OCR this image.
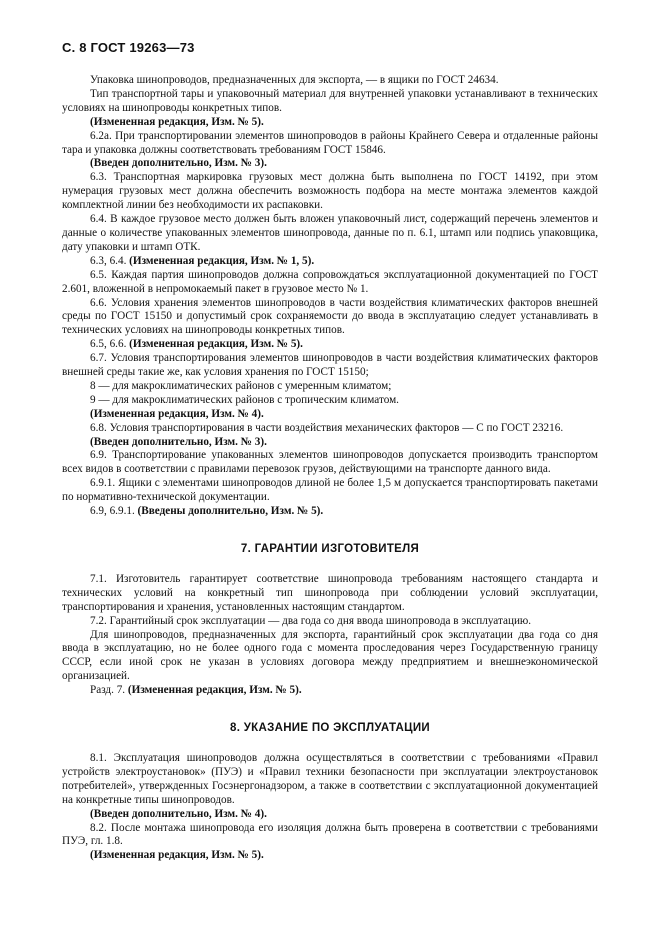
С. 8 ГОСТ 19263—73

Упаковка шинопроводов, предназначенных для экспорта, — в ящики по ГОСТ 24634.

Тип транспортной тары и упаковочный материал для внутренней упаковки устанавливают в технических условиях на шинопроводы конкретных типов.

(Измененная редакция, Изм. № 5).

6.2а. При транспортировании элементов шинопроводов в районы Крайнего Севера и отдаленные районы тара и упаковка должны соответствовать требованиям ГОСТ 15846.

(Введен дополнительно, Изм. № 3).

6.3. Транспортная маркировка грузовых мест должна быть выполнена по ГОСТ 14192, при этом нумерация грузовых мест должна обеспечить возможность подбора на месте монтажа элементов каждой комплектной линии без необходимости их распаковки.

6.4. В каждое грузовое место должен быть вложен упаковочный лист, содержащий перечень элементов и данные о количестве упакованных элементов шинопровода, данные по п. 6.1, штамп или подпись упаковщика, дату упаковки и штамп ОТК.

6.3, 6.4. (Измененная редакция, Изм. № 1, 5).

6.5. Каждая партия шинопроводов должна сопровождаться эксплуатационной документацией по ГОСТ 2.601, вложенной в непромокаемый пакет в грузовое место № 1.

6.6. Условия хранения элементов шинопроводов в части воздействия климатических факторов внешней среды по ГОСТ 15150 и допустимый срок сохраняемости до ввода в эксплуатацию следует устанавливать в технических условиях на шинопроводы конкретных типов.

6.5, 6.6. (Измененная редакция, Изм. № 5).

6.7. Условия транспортирования элементов шинопроводов в части воздействия климатических факторов внешней среды такие же, как условия хранения по ГОСТ 15150;

8 — для макроклиматических районов с умеренным климатом;

9 — для макроклиматических районов с тропическим климатом.

(Измененная редакция, Изм. № 4).

6.8. Условия транспортирования в части воздействия механических факторов — С по ГОСТ 23216.

(Введен дополнительно, Изм. № 3).

6.9. Транспортирование упакованных элементов шинопроводов допускается производить транспортом всех видов в соответствии с правилами перевозок грузов, действующими на транспорте данного вида.

6.9.1. Ящики с элементами шинопроводов длиной не более 1,5 м допускается транспортировать пакетами по нормативно-технической документации.

6.9, 6.9.1. (Введены дополнительно, Изм. № 5).

7. ГАРАНТИИ ИЗГОТОВИТЕЛЯ

7.1. Изготовитель гарантирует соответствие шинопровода требованиям настоящего стандарта и технических условий на конкретный тип шинопровода при соблюдении условий эксплуатации, транспортирования и хранения, установленных настоящим стандартом.

7.2. Гарантийный срок эксплуатации — два года со дня ввода шинопровода в эксплуатацию.

Для шинопроводов, предназначенных для экспорта, гарантийный срок эксплуатации два года со дня ввода в эксплуатацию, но не более одного года с момента проследования через Государственную границу СССР, если иной срок не указан в условиях договора между предприятием и внешнеэкономической организацией.

Разд. 7. (Измененная редакция, Изм. № 5).

8. УКАЗАНИЕ ПО ЭКСПЛУАТАЦИИ

8.1. Эксплуатация шинопроводов должна осуществляться в соответствии с требованиями «Правил устройств электроустановок» (ПУЭ) и «Правил техники безопасности при эксплуатации электроустановок потребителей», утвержденных Госэнергонадзором, а также в соответствии с эксплуатационной документацией на конкретные типы шинопроводов.

(Введен дополнительно, Изм. № 4).

8.2. После монтажа шинопровода его изоляция должна быть проверена в соответствии с требованиями ПУЭ, гл. 1.8.

(Измененная редакция, Изм. № 5).
